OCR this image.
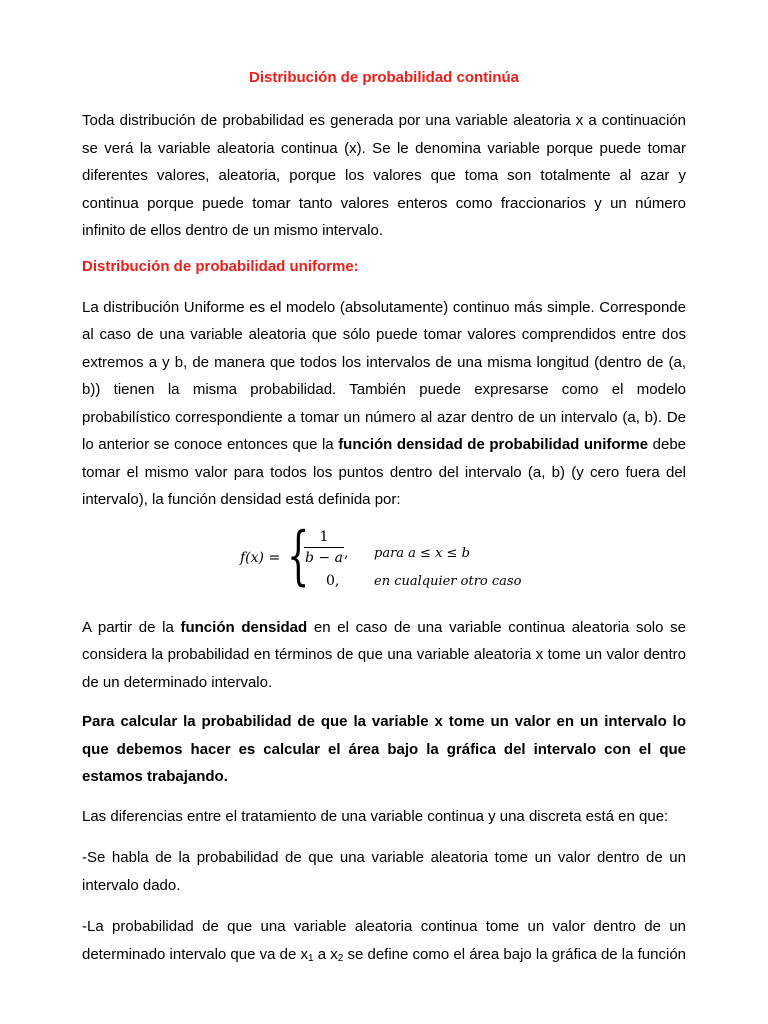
Distribución de probabilidad continúa

Toda distribución de probabilidad es generada por una variable aleatoria x a continuación se verá la variable aleatoria continua (x). Se le denomina variable porque puede tomar diferentes valores, aleatoria, porque los valores que toma son totalmente al azar y continua porque puede tomar tanto valores enteros como fraccionarios y un número infinito de ellos dentro de un mismo intervalo.

Distribución de probabilidad uniforme:

La distribución Uniforme es el modelo (absolutamente) continuo más simple. Corresponde al caso de una variable aleatoria que sólo puede tomar valores comprendidos entre dos extremos a y b, de manera que todos los intervalos de una misma longitud (dentro de (a, b)) tienen la misma probabilidad. También puede expresarse como el modelo probabilístico correspondiente a tomar un número al azar dentro de un intervalo (a, b). De lo anterior se conoce entonces que la función densidad de probabilidad uniforme debe tomar el mismo valor para todos los puntos dentro del intervalo (a, b) (y cero fuera del intervalo), la función densidad está definida por:

f(x) = { 1
b − a ,
0,
para a ≤ x ≤ b
en cualquier otro caso

A partir de la función densidad en el caso de una variable continua aleatoria solo se considera la probabilidad en términos de que una variable aleatoria x tome un valor dentro de un determinado intervalo.

Para calcular la probabilidad de que la variable x tome un valor en un intervalo lo que debemos hacer es calcular el área bajo la gráfica del intervalo con el que estamos trabajando.

Las diferencias entre el tratamiento de una variable continua y una discreta está en que:

-Se habla de la probabilidad de que una variable aleatoria tome un valor dentro de un intervalo dado.

-La probabilidad de que una variable aleatoria continua tome un valor dentro de un determinado intervalo que va de $x_1$ a $x_2$ se define como el área bajo la gráfica de la función
